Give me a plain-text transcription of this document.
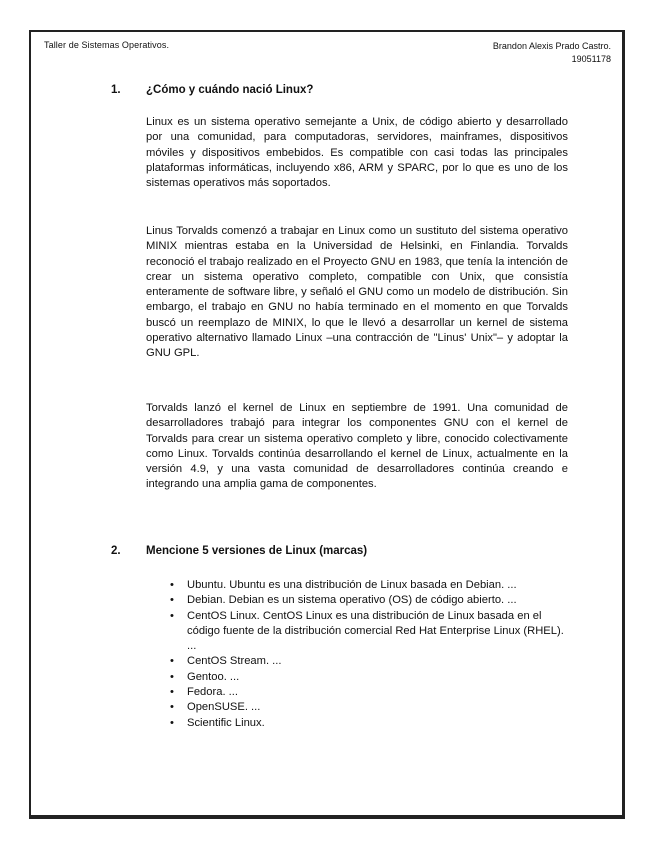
Taller de Sistemas Operativos.	Brandon Alexis Prado Castro.
19051178
1. ¿Cómo y cuándo nació Linux?

Linux es un sistema operativo semejante a Unix, de código abierto y desarrollado por una comunidad, para computadoras, servidores, mainframes, dispositivos móviles y dispositivos embebidos. Es compatible con casi todas las principales plataformas informáticas, incluyendo x86, ARM y SPARC, por lo que es uno de los sistemas operativos más soportados.

Linus Torvalds comenzó a trabajar en Linux como un sustituto del sistema operativo MINIX mientras estaba en la Universidad de Helsinki, en Finlandia. Torvalds reconoció el trabajo realizado en el Proyecto GNU en 1983, que tenía la intención de crear un sistema operativo completo, compatible con Unix, que consistía enteramente de software libre, y señaló el GNU como un modelo de distribución. Sin embargo, el trabajo en GNU no había terminado en el momento en que Torvalds buscó un reemplazo de MINIX, lo que le llevó a desarrollar un kernel de sistema operativo alternativo llamado Linux –una contracción de "Linus' Unix"– y adoptar la GNU GPL.

Torvalds lanzó el kernel de Linux en septiembre de 1991. Una comunidad de desarrolladores trabajó para integrar los componentes GNU con el kernel de Torvalds para crear un sistema operativo completo y libre, conocido colectivamente como Linux. Torvalds continúa desarrollando el kernel de Linux, actualmente en la versión 4.9, y una vasta comunidad de desarrolladores continúa creando e integrando una amplia gama de componentes.

2. Mencione 5 versiones de Linux (marcas)
• Ubuntu. Ubuntu es una distribución de Linux basada en Debian. ...
• Debian. Debian es un sistema operativo (OS) de código abierto. ...
• CentOS Linux. CentOS Linux es una distribución de Linux basada en el código fuente de la distribución comercial Red Hat Enterprise Linux (RHEL). ...
• CentOS Stream. ...
• Gentoo. ...
• Fedora. ...
• OpenSUSE. ...
• Scientific Linux.
